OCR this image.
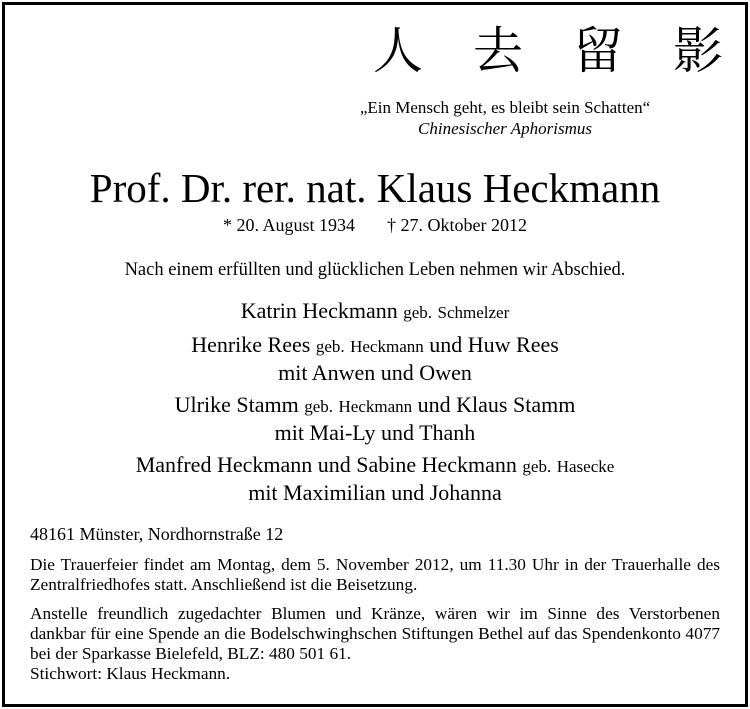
人 去 留 影
„Ein Mensch geht, es bleibt sein Schatten“
Chinesischer Aphorismus
Prof. Dr. rer. nat. Klaus Heckmann
* 20. August 1934 † 27. Oktober 2012
Nach einem erfüllten und glücklichen Leben nehmen wir Abschied.
Katrin Heckmann geb. Schmelzer
Henrike Rees geb. Heckmann und Huw Rees
mit Anwen und Owen
Ulrike Stamm geb. Heckmann und Klaus Stamm
mit Mai-Ly und Thanh
Manfred Heckmann und Sabine Heckmann geb. Hasecke
mit Maximilian und Johanna
48161 Münster, Nordhornstraße 12
Die Trauerfeier findet am Montag, dem 5. November 2012, um 11.30 Uhr in der Trauerhalle des Zentralfriedhofes statt. Anschließend ist die Beisetzung.
Anstelle freundlich zugedachter Blumen und Kränze, wären wir im Sinne des Verstorbenen dankbar für eine Spende an die Bodelschwinghschen Stiftungen Bethel auf das Spendenkonto 4077 bei der Sparkasse Bielefeld, BLZ: 480 501 61.
Stichwort: Klaus Heckmann.
